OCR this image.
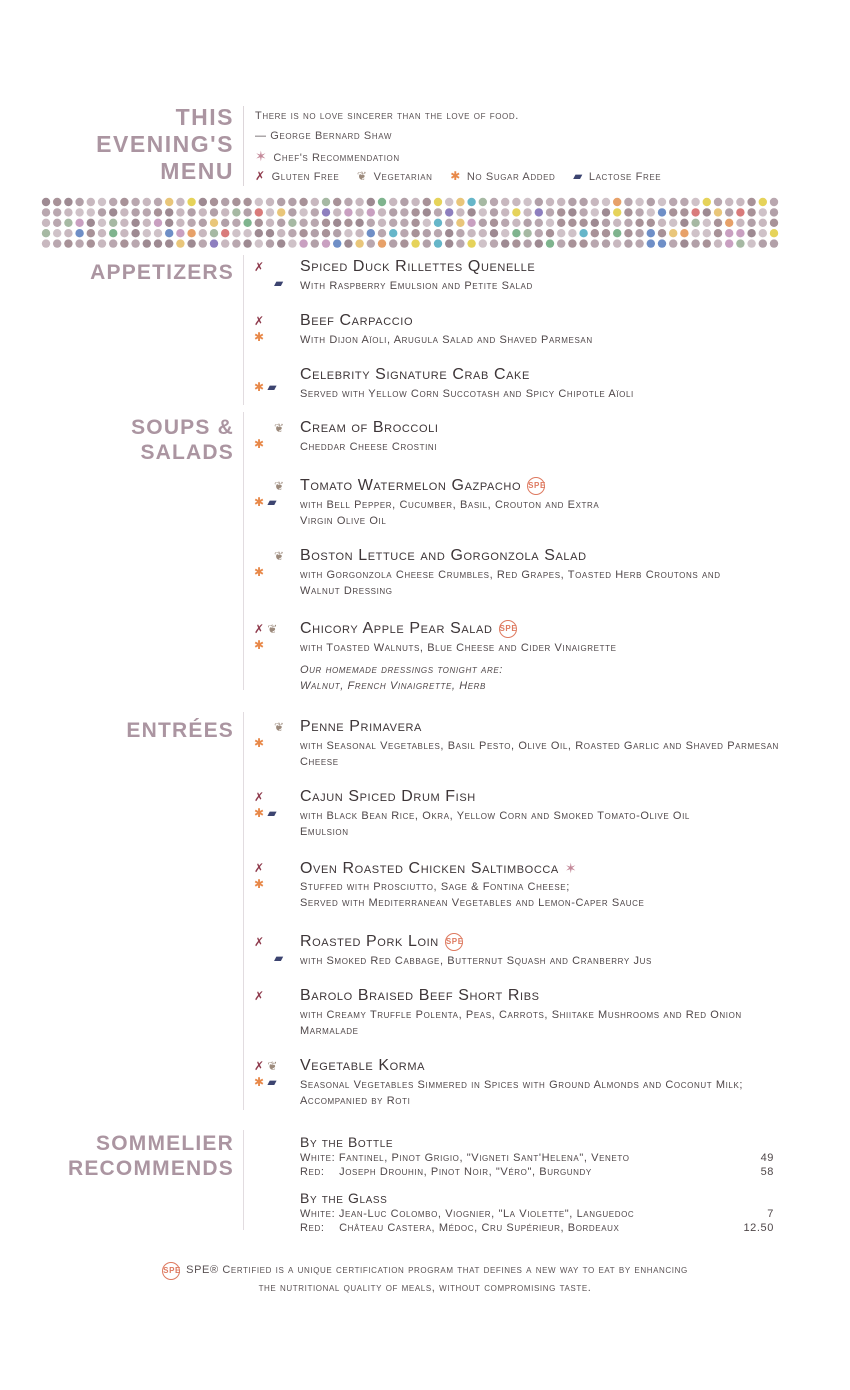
THIS
EVENING'S
MENU
There is no love sincerer than the love of food.
— George Bernard Shaw
✶ Chef's Recommendation
✗ Gluten Free ❦ Vegetarian ✱ No Sugar Added ▰ Lactose Free
APPETIZERS ✗
▰
Spiced Duck Rillettes Quenelle
With Raspberry Emulsion and Petite Salad
✗
✱
Beef Carpaccio
With Dijon Aïoli, Arugula Salad and Shaved Parmesan
✱ ▰
Celebrity Signature Crab Cake
Served with Yellow Corn Succotash and Spicy Chipotle Aïoli
SOUPS &
SALADS
❦
✱
Cream of Broccoli
Cheddar Cheese Crostini
❦
✱ ▰
Tomato Watermelon Gazpacho SPE
with Bell Pepper, Cucumber, Basil, Crouton and Extra Virgin Olive Oil
❦
✱
Boston Lettuce and Gorgonzola Salad
with Gorgonzola Cheese Crumbles, Red Grapes, Toasted Herb Croutons and Walnut Dressing
✗ ❦
✱
Chicory Apple Pear Salad SPE
with Toasted Walnuts, Blue Cheese and Cider Vinaigrette
Our homemade dressings tonight are:
Walnut, French Vinaigrette, Herb
ENTRÉES	❦
✱
Penne Primavera
with Seasonal Vegetables, Basil Pesto, Olive Oil, Roasted Garlic and Shaved Parmesan Cheese
✗
✱ ▰
Cajun Spiced Drum Fish
with Black Bean Rice, Okra, Yellow Corn and Smoked Tomato-Olive Oil Emulsion
✗
✱
Oven Roasted Chicken Saltimbocca ✶
Stuffed with Prosciutto, Sage & Fontina Cheese;
Served with Mediterranean Vegetables and Lemon-Caper Sauce
✗
▰
Roasted Pork Loin SPE
with Smoked Red Cabbage, Butternut Squash and Cranberry Jus
✗	Barolo Braised Beef Short Ribs
with Creamy Truffle Polenta, Peas, Carrots, Shiitake Mushrooms and Red Onion Marmalade
✗ ❦
✱ ▰
Vegetable Korma
Seasonal Vegetables Simmered in Spices with Ground Almonds and Coconut Milk; Accompanied by Roti
SOMMELIER
RECOMMENDS
By the Bottle
White: Fantinel, Pinot Grigio, "Vigneti Sant'Helena", Veneto	49
Red:    Joseph Drouhin, Pinot Noir, "Véro", Burgundy	58
By the Glass
White: Jean-Luc Colombo, Viognier, "La Violette", Languedoc	7
Red:    Château Castera, Médoc, Cru Supérieur, Bordeaux	12.50
SPE SPE® Certified is a unique certification program that defines a new way to eat by enhancing
the nutritional quality of meals, without compromising taste.
